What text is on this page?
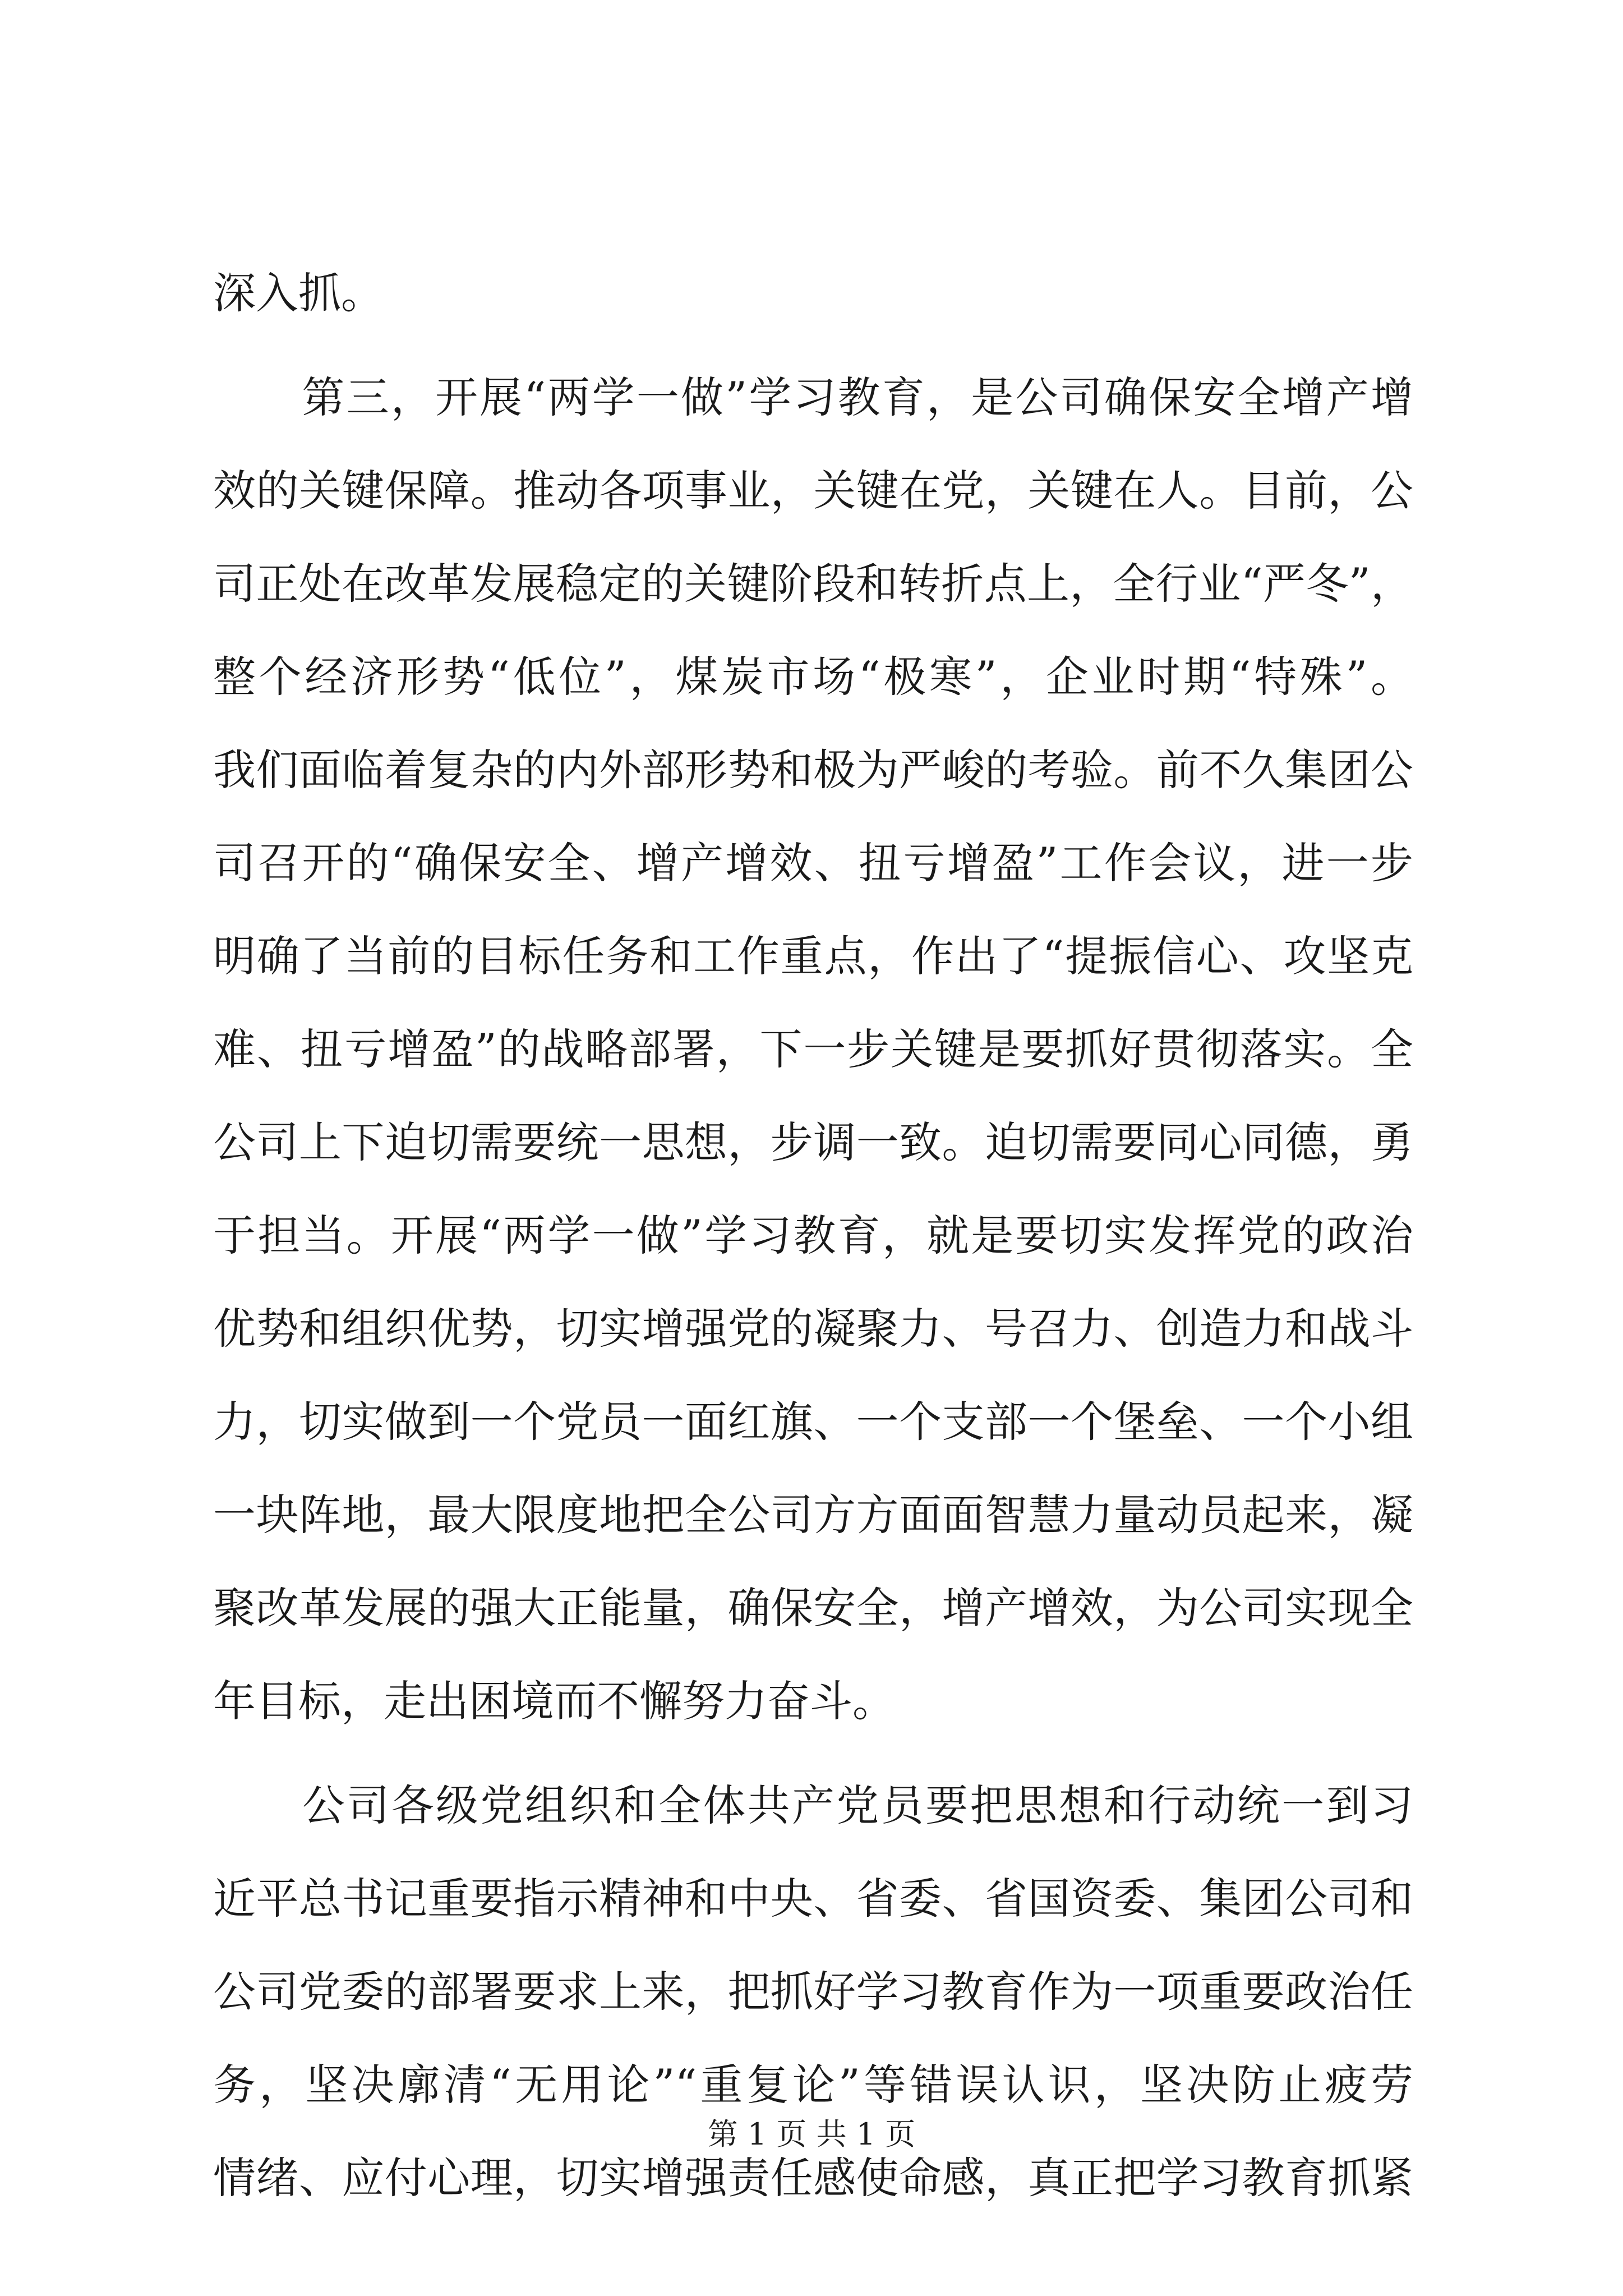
深入抓。
　　第三，开展“两学一做”学习教育，是公司确保安全增产增
效的关键保障。推动各项事业，关键在党，关键在人。目前，公
司正处在改革发展稳定的关键阶段和转折点上，全行业“严冬”，
整个经济形势“低位”，煤炭市场“极寒”，企业时期“特殊”。
我们面临着复杂的内外部形势和极为严峻的考验。前不久集团公
司召开的“确保安全、增产增效、扭亏增盈”工作会议，进一步
明确了当前的目标任务和工作重点，作出了“提振信心、攻坚克
难、扭亏增盈”的战略部署，下一步关键是要抓好贯彻落实。全
公司上下迫切需要统一思想，步调一致。迫切需要同心同德，勇
于担当。开展“两学一做”学习教育，就是要切实发挥党的政治
优势和组织优势，切实增强党的凝聚力、号召力、创造力和战斗
力，切实做到一个党员一面红旗、一个支部一个堡垒、一个小组
一块阵地，最大限度地把全公司方方面面智慧力量动员起来，凝
聚改革发展的强大正能量，确保安全，增产增效，为公司实现全
年目标，走出困境而不懈努力奋斗。
　　公司各级党组织和全体共产党员要把思想和行动统一到习
近平总书记重要指示精神和中央、省委、省国资委、集团公司和
公司党委的部署要求上来，把抓好学习教育作为一项重要政治任
务，坚决廓清“无用论”“重复论”等错误认识，坚决防止疲劳
情绪、应付心理，切实增强责任感使命感，真正把学习教育抓紧
第 1 页 共 1 页
